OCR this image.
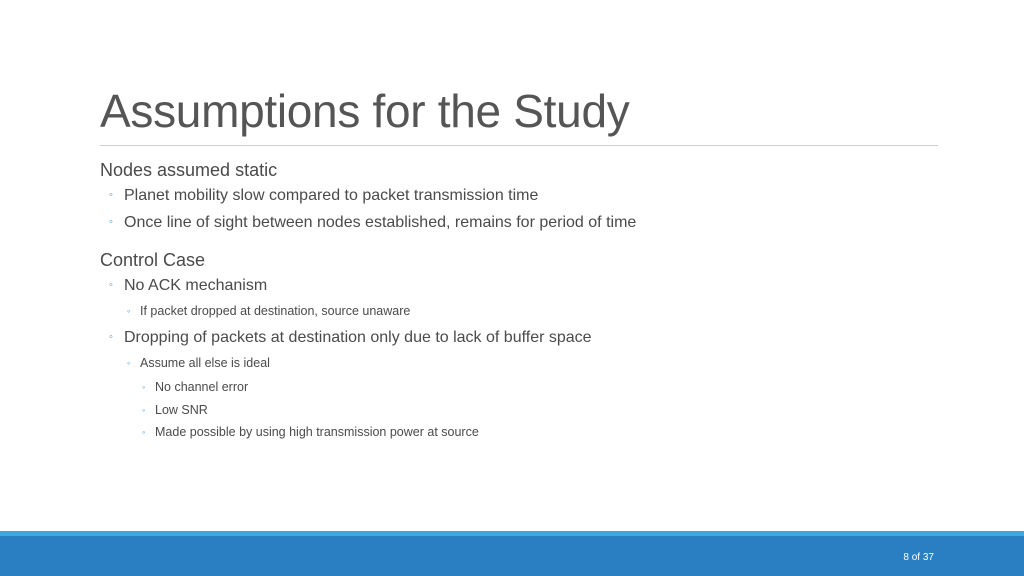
Assumptions for the Study
Nodes assumed static
◦ Planet mobility slow compared to packet transmission time
◦ Once line of sight between nodes established, remains for period of time
Control Case
◦ No ACK mechanism
◦ If packet dropped at destination, source unaware
◦ Dropping of packets at destination only due to lack of buffer space
◦ Assume all else is ideal
◦ No channel error
◦ Low SNR
◦ Made possible by using high transmission power at source
8 of 37
